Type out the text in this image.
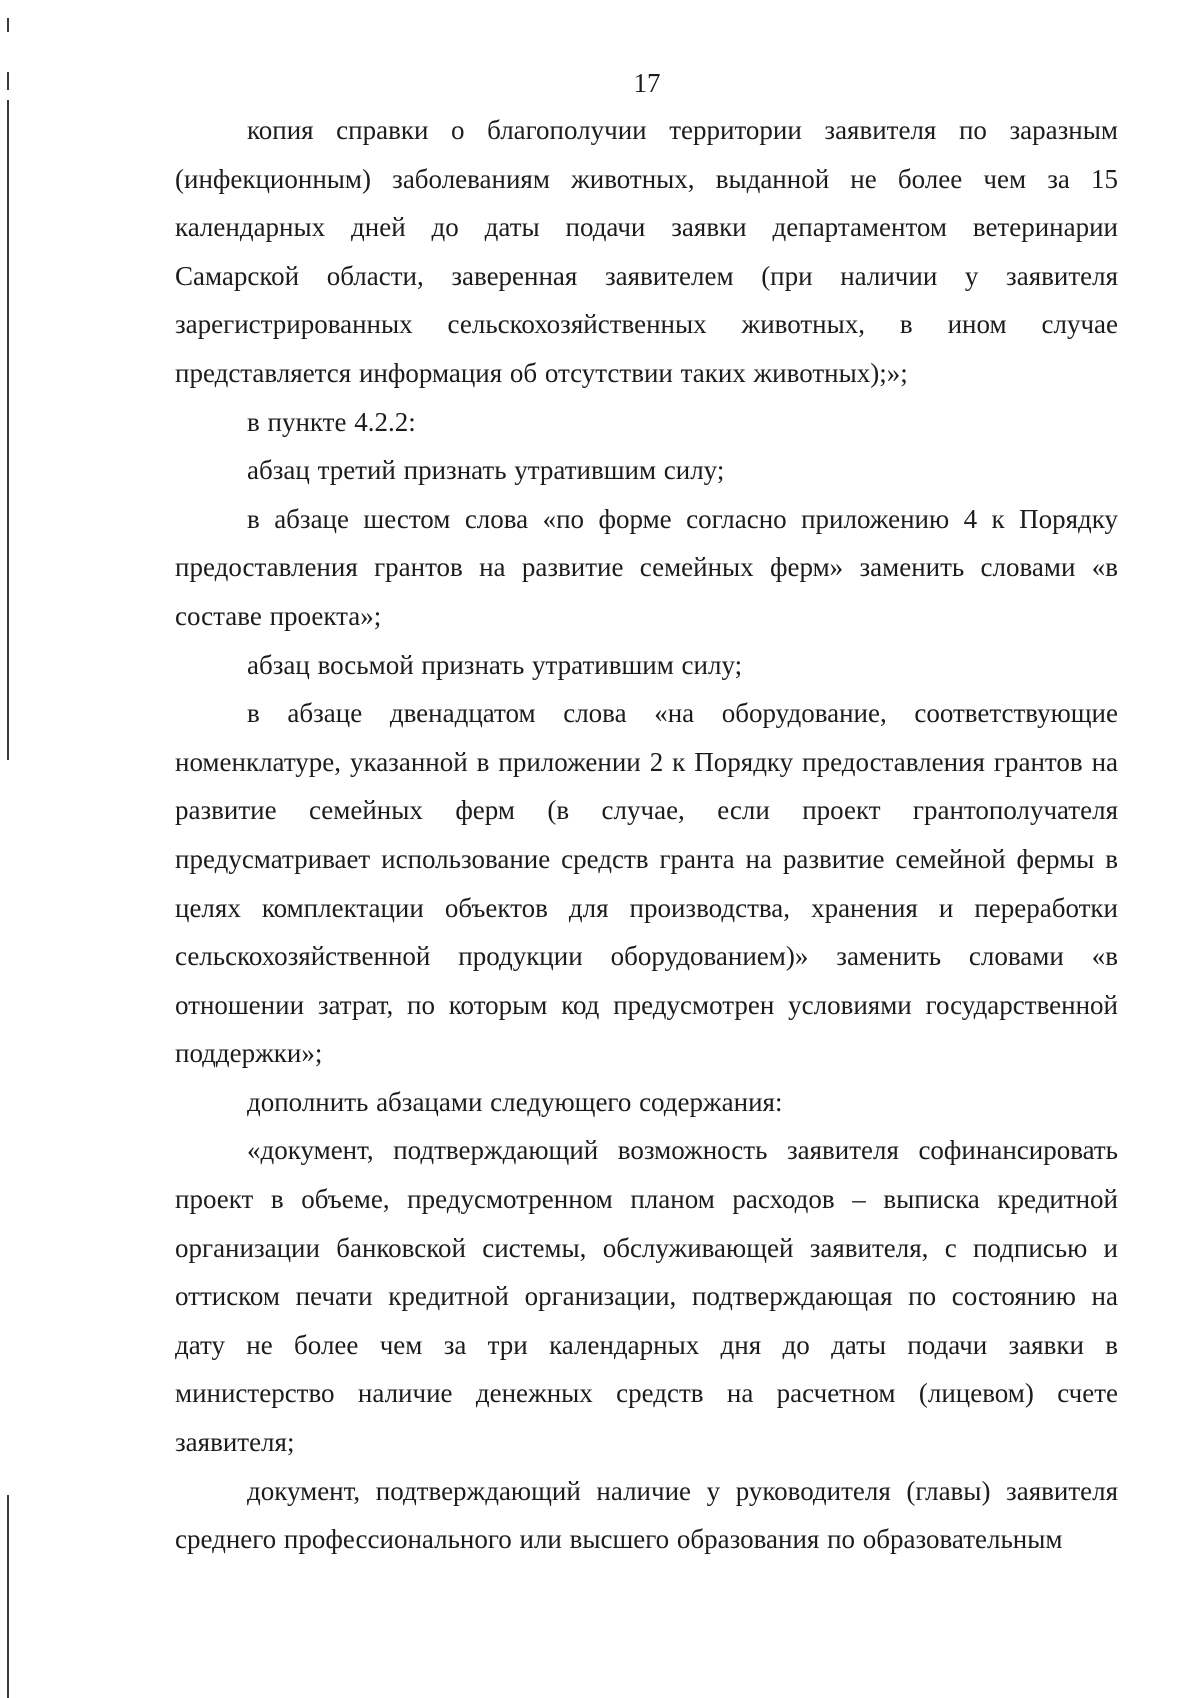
17

копия справки о благополучии территории заявителя по заразным (инфекционным) заболеваниям животных, выданной не более чем за 15 календарных дней до даты подачи заявки департаментом ветеринарии Самарской области, заверенная заявителем (при наличии у заявителя зарегистрированных сельскохозяйственных животных, в ином случае представляется информация об отсутствии таких животных);»;

в пункте 4.2.2:

абзац третий признать утратившим силу;

в абзаце шестом слова «по форме согласно приложению 4 к Порядку предоставления грантов на развитие семейных ферм» заменить словами «в составе проекта»;

абзац восьмой признать утратившим силу;

в абзаце двенадцатом слова «на оборудование, соответствующие номенклатуре, указанной в приложении 2 к Порядку предоставления грантов на развитие семейных ферм (в случае, если проект грантополучателя предусматривает использование средств гранта на развитие семейной фермы в целях комплектации объектов для производства, хранения и переработки сельскохозяйственной продукции оборудованием)» заменить словами «в отношении затрат, по которым код предусмотрен условиями государственной поддержки»;

дополнить абзацами следующего содержания:

«документ, подтверждающий возможность заявителя софинансировать проект в объеме, предусмотренном планом расходов – выписка кредитной организации банковской системы, обслуживающей заявителя, с подписью и оттиском печати кредитной организации, подтверждающая по состоянию на дату не более чем за три календарных дня до даты подачи заявки в министерство наличие денежных средств на расчетном (лицевом) счете заявителя;

документ, подтверждающий наличие у руководителя (главы) заявителя среднего профессионального или высшего образования по образовательным
